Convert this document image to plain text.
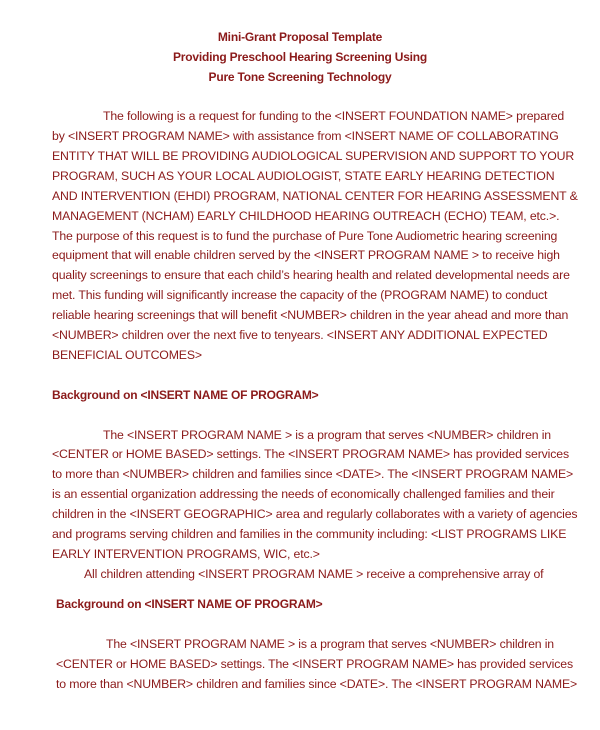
Mini-Grant Proposal Template
Providing Preschool Hearing Screening Using
Pure Tone Screening Technology
The following is a request for funding to the <INSERT FOUNDATION NAME> prepared
by <INSERT PROGRAM NAME> with assistance from <INSERT NAME OF COLLABORATING
ENTITY THAT WILL BE PROVIDING AUDIOLOGICAL SUPERVISION AND SUPPORT TO YOUR
PROGRAM, SUCH AS YOUR LOCAL AUDIOLOGIST, STATE EARLY HEARING DETECTION
AND INTERVENTION (EHDI) PROGRAM, NATIONAL CENTER FOR HEARING ASSESSMENT &
MANAGEMENT (NCHAM) EARLY CHILDHOOD HEARING OUTREACH (ECHO) TEAM, etc.>.
The purpose of this request is to fund the purchase of Pure Tone Audiometric hearing screening
equipment that will enable children served by the <INSERT PROGRAM NAME > to receive high
quality screenings to ensure that each child’s hearing health and related developmental needs are
met. This funding will significantly increase the capacity of the (PROGRAM NAME) to conduct
reliable hearing screenings that will benefit <NUMBER> children in the year ahead and more than
<NUMBER> children over the next five to tenyears. <INSERT ANY ADDITIONAL EXPECTED
BENEFICIAL OUTCOMES>
Background on <INSERT NAME OF PROGRAM>
The <INSERT PROGRAM NAME > is a program that serves <NUMBER> children in
<CENTER or HOME BASED> settings. The <INSERT PROGRAM NAME> has provided services
to more than <NUMBER> children and families since <DATE>. The <INSERT PROGRAM NAME>
is an essential organization addressing the needs of economically challenged families and their
children in the <INSERT GEOGRAPHIC> area and regularly collaborates with a variety of agencies
and programs serving children and families in the community including: <LIST PROGRAMS LIKE
EARLY INTERVENTION PROGRAMS, WIC, etc.>
All children attending <INSERT PROGRAM NAME > receive a comprehensive array of
Background on <INSERT NAME OF PROGRAM>
The <INSERT PROGRAM NAME > is a program that serves <NUMBER> children in
<CENTER or HOME BASED> settings. The <INSERT PROGRAM NAME> has provided services
to more than <NUMBER> children and families since <DATE>. The <INSERT PROGRAM NAME>
